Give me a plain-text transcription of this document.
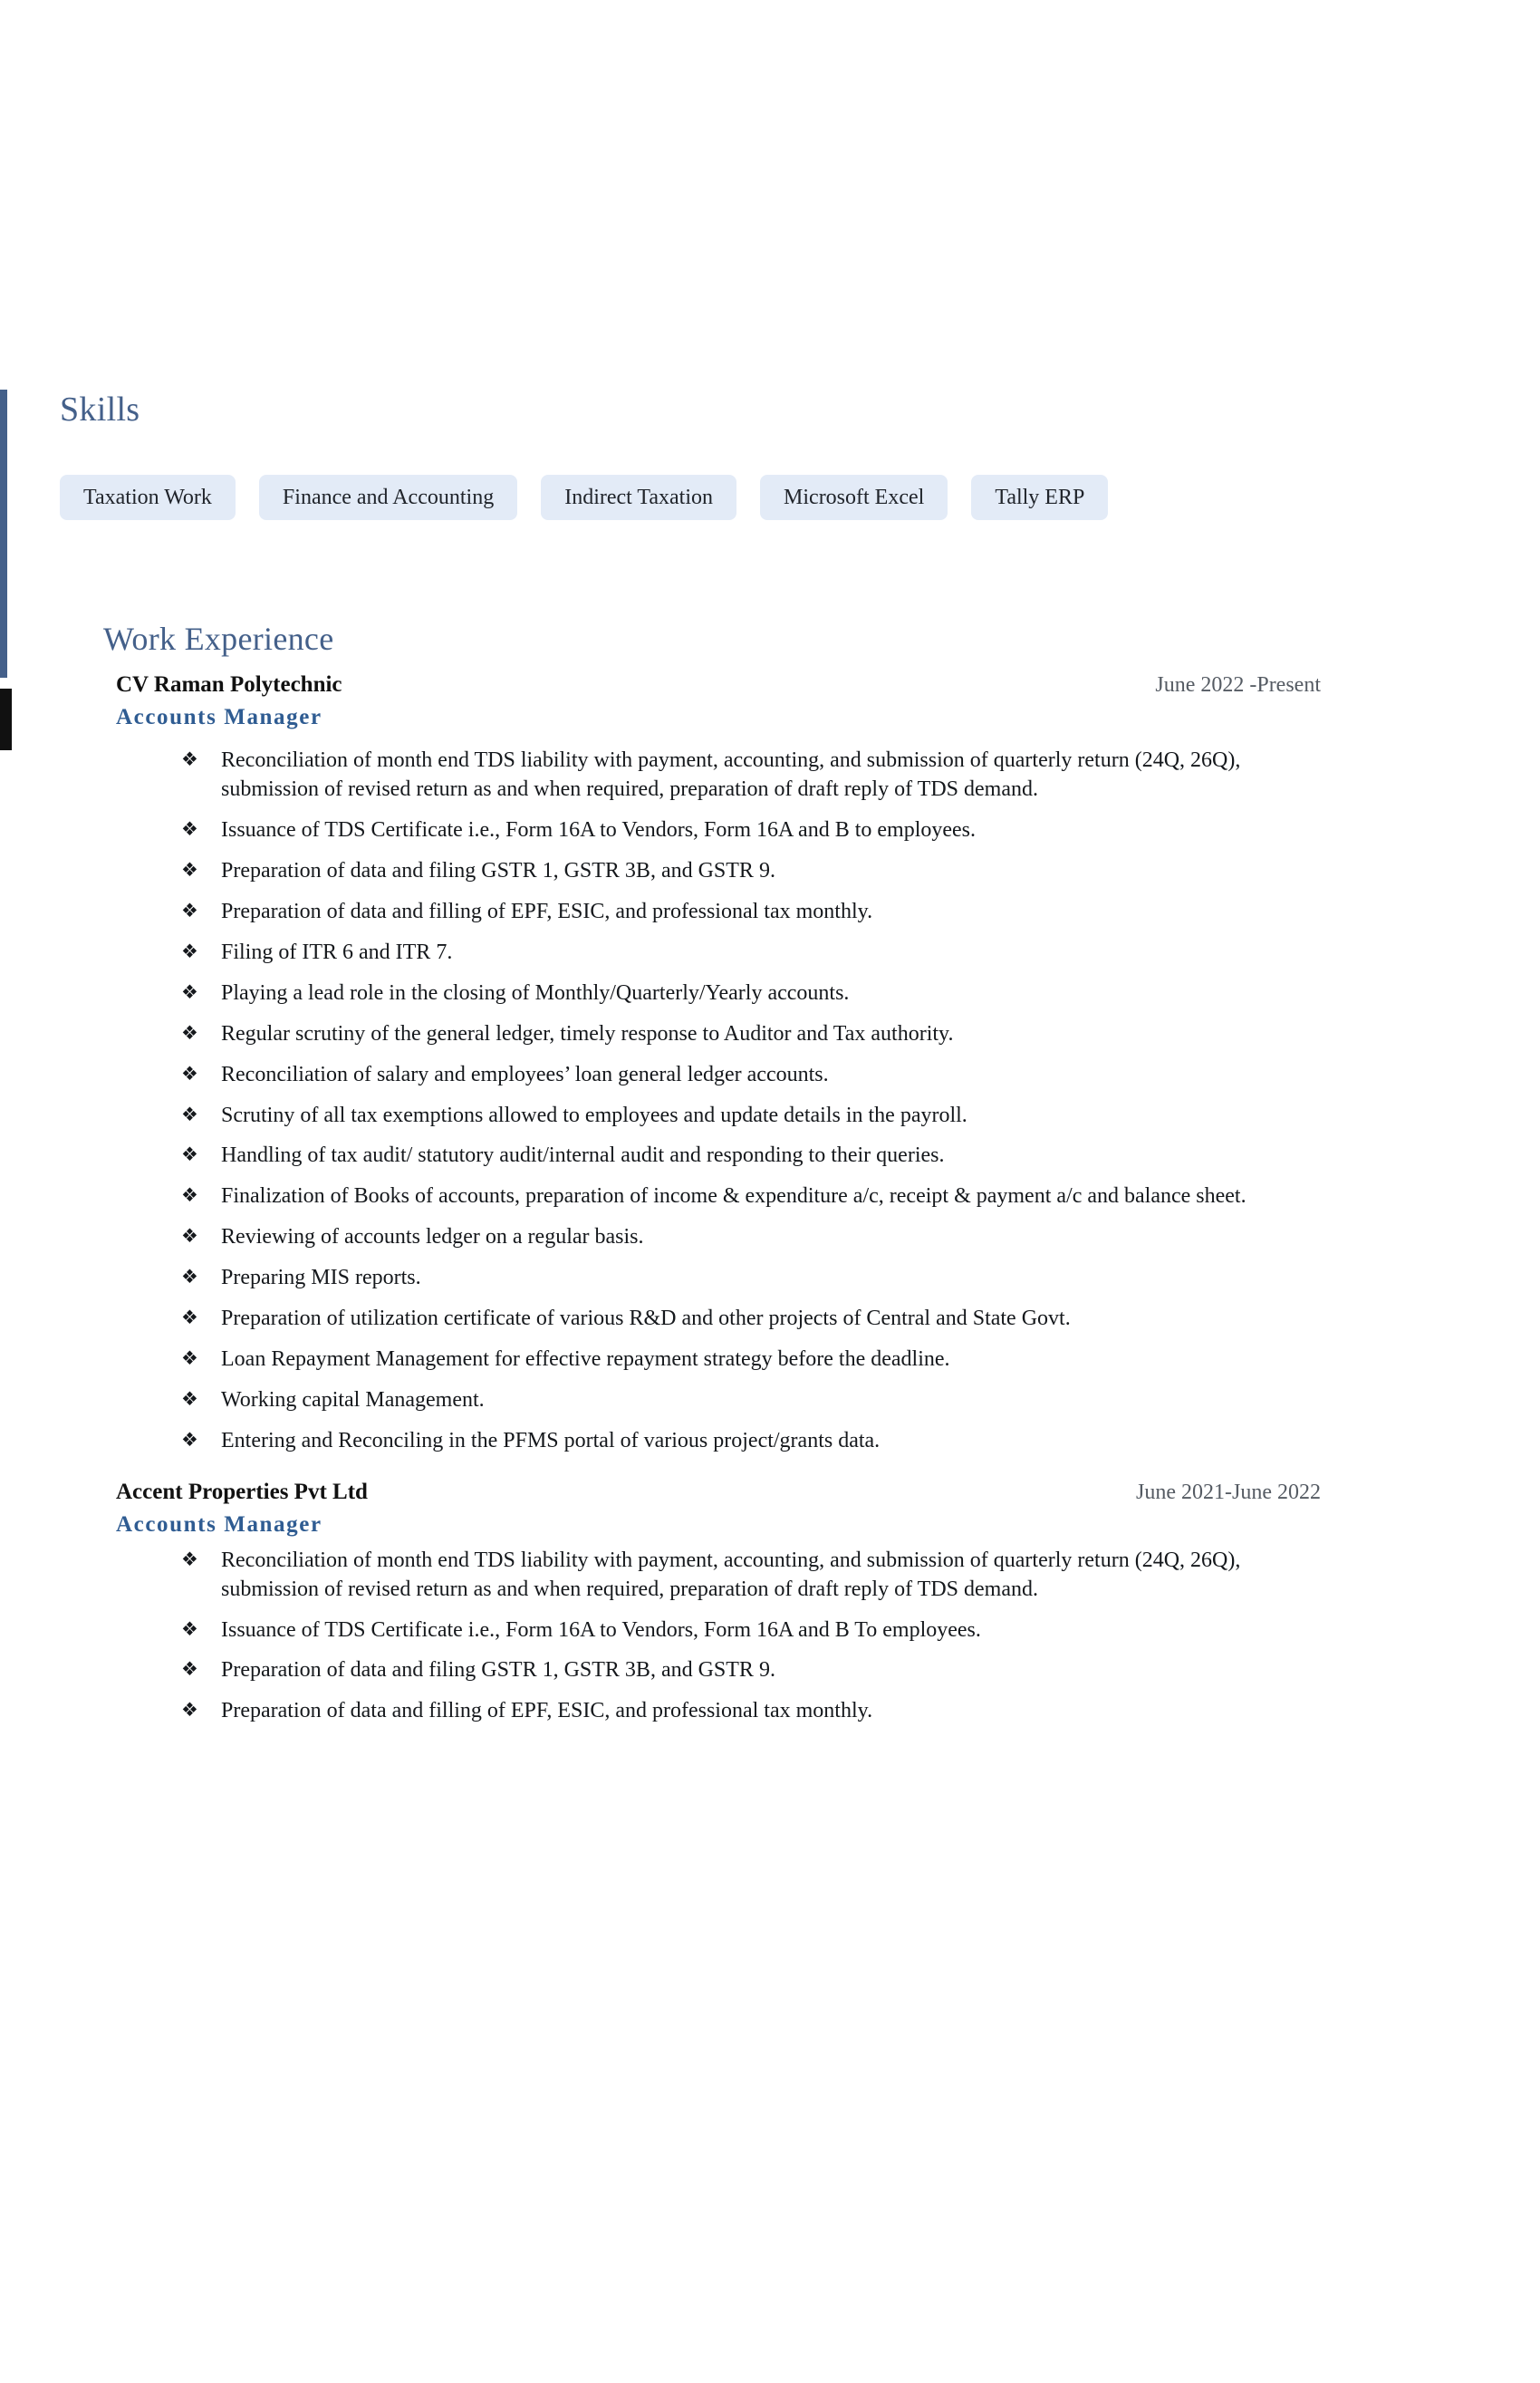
Skills
Taxation Work	Finance and Accounting	Indirect Taxation	Microsoft Excel	Tally ERP
Work Experience
CV Raman Polytechnic	June 2022 -Present
Accounts Manager
❖ Reconciliation of month end TDS liability with payment, accounting, and submission of quarterly return (24Q, 26Q), submission of revised return as and when required, preparation of draft reply of TDS demand.
❖ Issuance of TDS Certificate i.e., Form 16A to Vendors, Form 16A and B to employees.
❖ Preparation of data and filing GSTR 1, GSTR 3B, and GSTR 9.
❖ Preparation of data and filling of EPF, ESIC, and professional tax monthly.
❖ Filing of ITR 6 and ITR 7.
❖ Playing a lead role in the closing of Monthly/Quarterly/Yearly accounts.
❖ Regular scrutiny of the general ledger, timely response to Auditor and Tax authority.
❖ Reconciliation of salary and employees’ loan general ledger accounts.
❖ Scrutiny of all tax exemptions allowed to employees and update details in the payroll.
❖ Handling of tax audit/ statutory audit/internal audit and responding to their queries.
❖ Finalization of Books of accounts, preparation of income & expenditure a/c, receipt & payment a/c and balance sheet.
❖ Reviewing of accounts ledger on a regular basis.
❖ Preparing MIS reports.
❖ Preparation of utilization certificate of various R&D and other projects of Central and State Govt.
❖ Loan Repayment Management for effective repayment strategy before the deadline.
❖ Working capital Management.
❖ Entering and Reconciling in the PFMS portal of various project/grants data.
Accent Properties Pvt Ltd	June 2021-June 2022
Accounts Manager
❖ Reconciliation of month end TDS liability with payment, accounting, and submission of quarterly return (24Q, 26Q), submission of revised return as and when required, preparation of draft reply of TDS demand.
❖ Issuance of TDS Certificate i.e., Form 16A to Vendors, Form 16A and B To employees.
❖ Preparation of data and filing GSTR 1, GSTR 3B, and GSTR 9.
❖ Preparation of data and filling of EPF, ESIC, and professional tax monthly.
